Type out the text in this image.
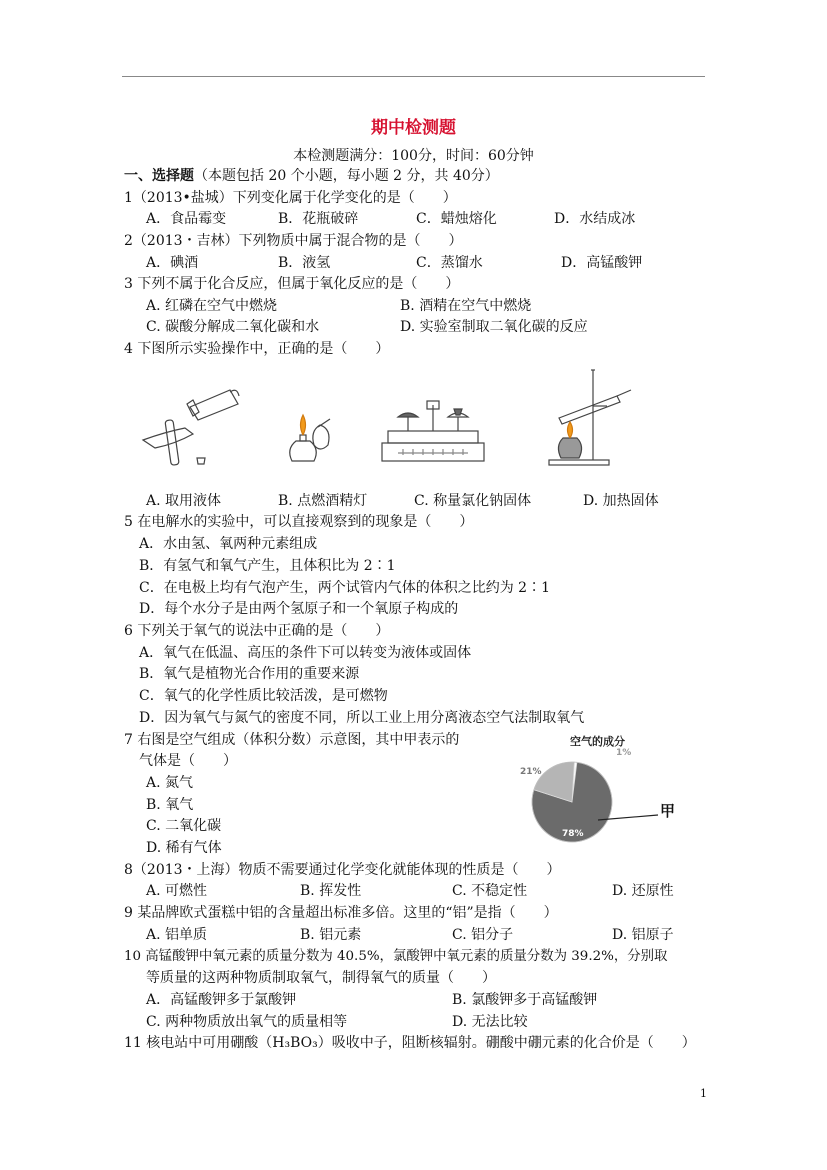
期中检测题
本检测题满分：100分，时间：60分钟
一、选择题（本题包括 20 个小题，每小题 2 分，共 40分）
1（2013•盐城）下列变化属于化学变化的是（　　）
A．食品霉变	B．花瓶破碎	C．蜡烛熔化	D．水结成冰
2（2013・吉林）下列物质中属于混合物的是（　　）
A．碘酒	B．液氢	C．蒸馏水	D．高锰酸钾
3 下列不属于化合反应，但属于氧化反应的是（　　）
A. 红磷在空气中燃烧	B. 酒精在空气中燃烧
C. 碳酸分解成二氧化碳和水	D. 实验室制取二氧化碳的反应
4 下图所示实验操作中，正确的是（　　）
A. 取用液体	B. 点燃酒精灯	C. 称量氯化钠固体	D. 加热固体
5 在电解水的实验中，可以直接观察到的现象是（　　）
A．水由氢、氧两种元素组成
B．有氢气和氧气产生，且体积比为 2∶1
C．在电极上均有气泡产生，两个试管内气体的体积之比约为 2∶1
D．每个水分子是由两个氢原子和一个氧原子构成的
6 下列关于氧气的说法中正确的是（　　）
A．氧气在低温、高压的条件下可以转变为液体或固体
B．氧气是植物光合作用的重要来源
C．氧气的化学性质比较活泼，是可燃物
D．因为氧气与氮气的密度不同，所以工业上用分离液态空气法制取氧气
7 右图是空气组成（体积分数）示意图，其中甲表示的
气体是（　　）
A. 氮气
B. 氧气
C. 二氧化碳
D. 稀有气体
空气的成分
1%
21%
78%
甲
8（2013・上海）物质不需要通过化学变化就能体现的性质是（　　）
A. 可燃性	B. 挥发性	C. 不稳定性	D. 还原性
9 某品牌欧式蛋糕中铝的含量超出标准多倍。这里的“铝”是指（　　）
A. 铝单质	B. 铝元素	C. 铝分子	D. 铝原子
10 高锰酸钾中氧元素的质量分数为 40.5%，氯酸钾中氧元素的质量分数为 39.2%，分别取
等质量的这两种物质制取氧气，制得氧气的质量（　　）
A．高锰酸钾多于氯酸钾	B. 氯酸钾多于高锰酸钾
C. 两种物质放出氧气的质量相等	D. 无法比较
11 核电站中可用硼酸（H₃BO₃）吸收中子，阻断核辐射。硼酸中硼元素的化合价是（　　）
1
